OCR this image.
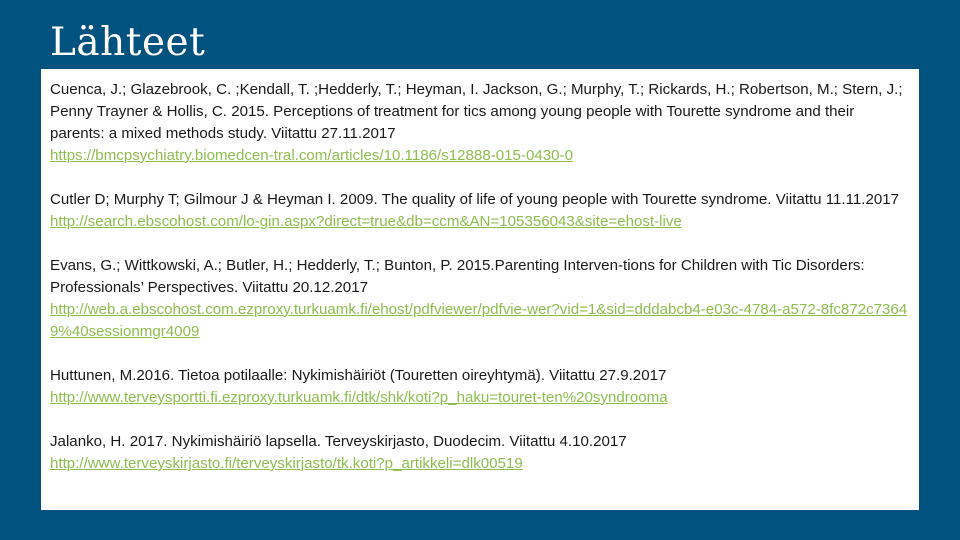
Lähteet

Cuenca, J.; Glazebrook, C. ;Kendall, T. ;Hedderly, T.; Heyman, I. Jackson, G.; Murphy, T.; Rickards, H.; Robertson, M.; Stern, J.; Penny Trayner & Hollis, C. 2015. Perceptions of treatment for tics among young people with Tourette syndrome and their parents: a mixed methods study. Viitattu 27.11.2017
https://bmcpsychiatry.biomedcen-tral.com/articles/10.1186/s12888-015-0430-0

Cutler D; Murphy T; Gilmour J & Heyman I. 2009. The quality of life of young people with Tourette syndrome. Viitattu 11.11.2017 http://search.ebscohost.com/lo-gin.aspx?direct=true&db=ccm&AN=105356043&site=ehost-live

Evans, G.; Wittkowski, A.; Butler, H.; Hedderly, T.; Bunton, P. 2015.Parenting Interven-tions for Children with Tic Disorders: Professionals’ Perspectives. Viitattu 20.12.2017
http://web.a.ebscohost.com.ezproxy.turkuamk.fi/ehost/pdfviewer/pdfvie-wer?vid=1&sid=dddabcb4-e03c-4784-a572-8fc872c73649%40sessionmgr4009

Huttunen, M.2016. Tietoa potilaalle: Nykimishäiriöt (Touretten oireyhtymä). Viitattu 27.9.2017
http://www.terveysportti.fi.ezproxy.turkuamk.fi/dtk/shk/koti?p_haku=touret-ten%20syndrooma

Jalanko, H. 2017. Nykimishäiriö lapsella. Terveyskirjasto, Duodecim. Viitattu 4.10.2017
http://www.terveyskirjasto.fi/terveyskirjasto/tk.koti?p_artikkeli=dlk00519
